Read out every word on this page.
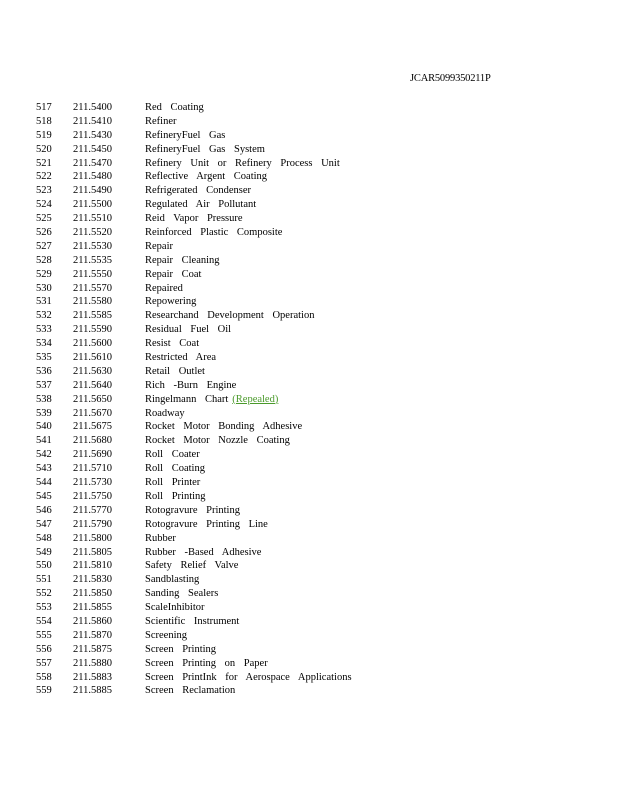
JCAR5099350211P
517 211.5400	Red Coating
518 211.5410	Refiner
519 211.5430	RefineryFuel Gas
520 211.5450	RefineryFuel Gas System
521 211.5470	Refinery Unit or Refinery Process Unit
522 211.5480	Reflective Argent Coating
523 211.5490	Refrigerated Condenser
524 211.5500	Regulated Air Pollutant
525 211.5510	Reid Vapor Pressure
526 211.5520	Reinforced Plastic Composite
527 211.5530	Repair
528 211.5535	Repair Cleaning
529 211.5550	Repair Coat
530 211.5570	Repaired
531 211.5580	Repowering
532 211.5585	Researchand Development Operation
533 211.5590	Residual Fuel Oil
534 211.5600	Resist Coat
535 211.5610	Restricted Area
536 211.5630	Retail Outlet
537 211.5640	Rich -Burn Engine
538 211.5650	Ringelmann Chart (Repealed)
539 211.5670	Roadway
540 211.5675	Rocket Motor Bonding Adhesive
541 211.5680	Rocket Motor Nozzle Coating
542 211.5690	Roll Coater
543 211.5710	Roll Coating
544 211.5730	Roll Printer
545 211.5750	Roll Printing
546 211.5770	Rotogravure Printing
547 211.5790	Rotogravure Printing Line
548 211.5800	Rubber
549 211.5805	Rubber -Based Adhesive
550 211.5810	Safety Relief Valve
551 211.5830	Sandblasting
552 211.5850	Sanding Sealers
553 211.5855	ScaleInhibitor
554 211.5860	Scientific Instrument
555 211.5870	Screening
556 211.5875	Screen Printing
557 211.5880	Screen Printing on Paper
558 211.5883	Screen PrintInk for Aerospace Applications
559 211.5885	Screen Reclamation
